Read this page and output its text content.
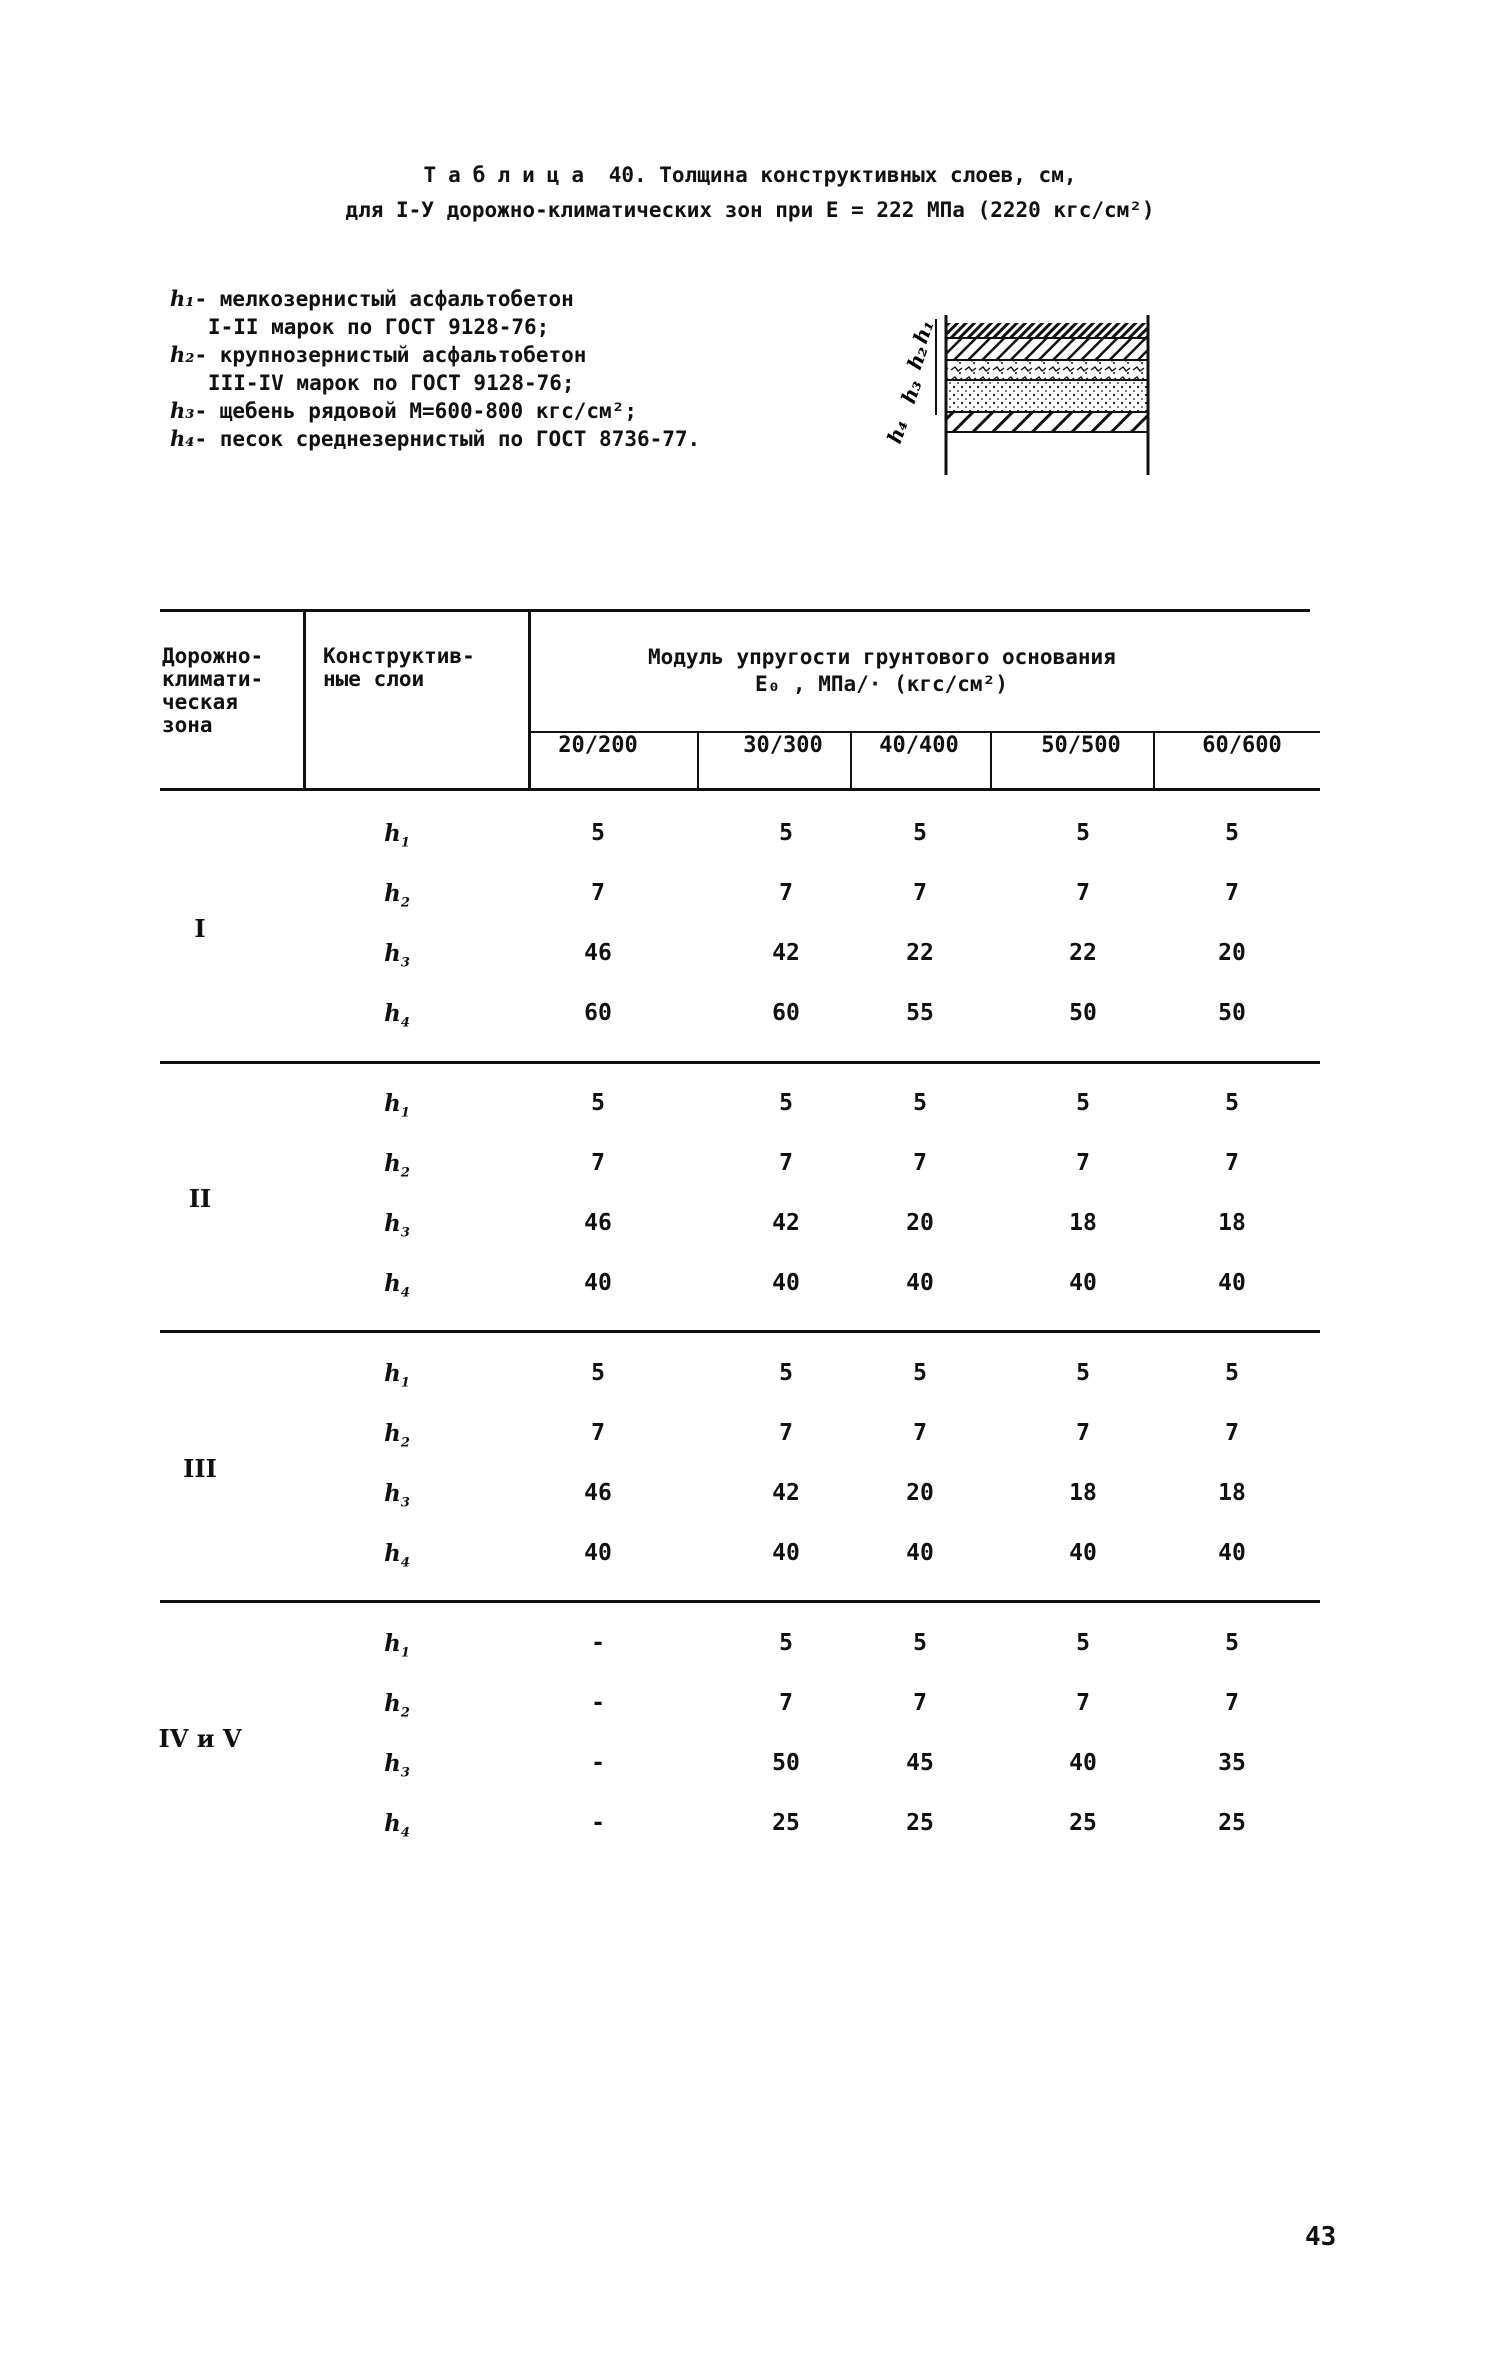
Таблица 40. Толщина конструктивных слоев, см,
для I-У дорожно-климатических зон при E = 222 МПа (2220 кгс/см²)
h₁- мелкозернистый асфальтобетон
I-II марок по ГОСТ 9128-76;
h₂- крупнозернистый асфальтобетон
III-IV марок по ГОСТ 9128-76;
h₃- щебень рядовой М=600-800 кгс/см²;
h₄- песок среднезернистый по ГОСТ 8736-77.	h₄
h₃
h₂
h₁
Дорожно-
климати-
ческая
зона
Конструктив-
ные слои
Модуль упругости грунтового основания
E₀ , МПа/· (кгс/см²)
20/200	30/300	40/400	50/500	60/600
I
$h_1$	5	5	5	5	5
$h_2$	7	7	7	7	7
$h_3$	46	42	22	22	20
$h_4$	60	60	55	50	50
II
$h_1$	5	5	5	5	5
$h_2$	7	7	7	7	7
$h_3$	46	42	20	18	18
$h_4$	40	40	40	40	40
III
$h_1$	5	5	5	5	5
$h_2$	7	7	7	7	7
$h_3$	46	42	20	18	18
$h_4$	40	40	40	40	40
IV и V
$h_1$	-	5	5	5	5
$h_2$	-	7	7	7	7
$h_3$	-	50	45	40	35
$h_4$	-	25	25	25	25
43
